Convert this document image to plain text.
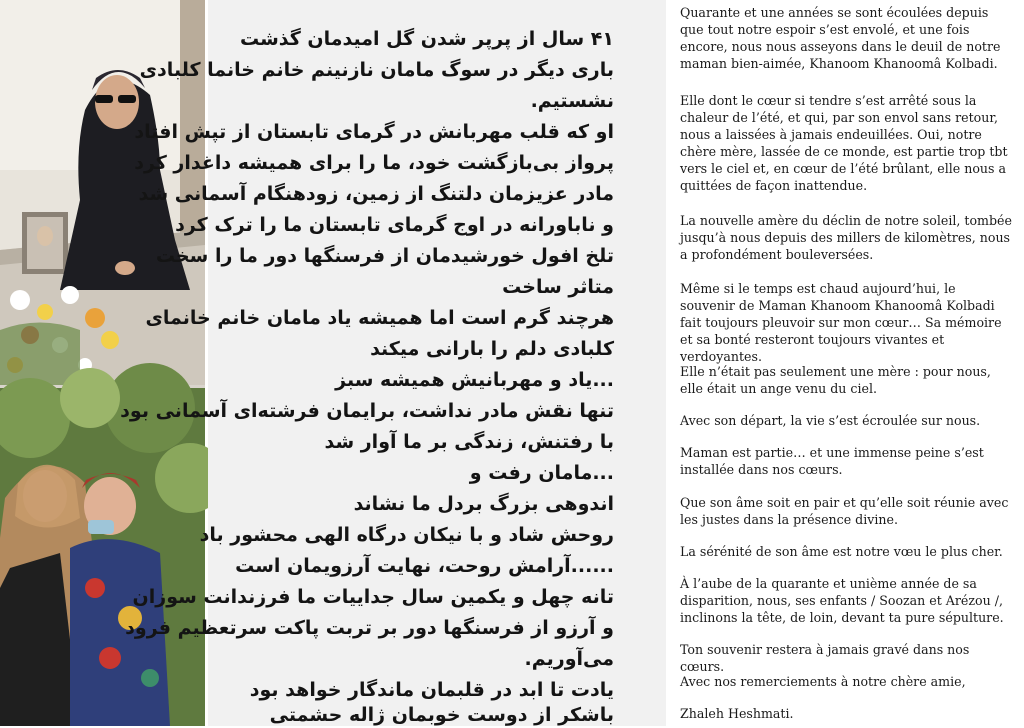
۴۱ سال از پرپر شدن گل امیدمان گذشت
باری دیگر در سوگ مامان نازنینم خانم خانما کلبادی
نشستیم.
او که قلب مهربانش در گرمای تابستان از تپش افتاد
پرواز بی‌بازگشت خود، ما را برای همیشه داغدار کرد
مادر عزیزمان دلتنگ از زمین، زودهنگام آسمانی شد
و ناباورانه در اوج گرمای تابستان ما را ترک کرد
تلخ افول خورشیدمان از فرسنگها دور ما را سخت
متاثر ساخت
هرچند گرم است اما همیشه یاد مامان خانم خانمای
کلبادی دلم را بارانی میکند
...یاد و مهربانیش همیشه سبز
تنها نقش مادر نداشت، برایمان فرشته‌ای آسمانی بود
با رفتنش، زندگی بر ما آوار شد
...مامان رفت و
اندوهی بزرگ بردل ما نشاند
روحش شاد و با نیکان درگاه الهی محشور باد
......آرامش روحت، نهایت آرزویمان است
تانه چهل و یکمین سال جداییات ما فرزندانت سوزان
و آرزو از فرسنگها دور بر تربت پاکت سرتعظیم فرود
می‌آوریم.
یادت تا ابد در قلبمان ماندگار خواهد بود
باشکر از دوست خوبمان ژاله حشمتی

Quarante et une années se sont écoulées depuis que tout notre espoir s’est envolé, et une fois encore, nous nous asseyons dans le deuil de notre maman bien-aimée, Khanoom Khanoomâ Kolbadi.

Elle dont le cœur si tendre s’est arrêté sous la chaleur de l’été, et qui, par son envol sans retour, nous a laissées à jamais endeuillées. Oui, notre chère mère, lassée de ce monde, est partie trop tbt vers le ciel et, en cœur de l’été brûlant, elle nous a quittées de façon inattendue.

La nouvelle amère du déclin de notre soleil, tombée jusqu’à nous depuis des millers de kilomètres, nous a profondément bouleversées.

Même si le temps est chaud aujourd’hui, le souvenir de Maman Khanoom Khanoomâ Kolbadi fait toujours pleuvoir sur mon cœur… Sa mémoire et sa bonté resteront toujours vivantes et verdoyantes.

Elle n’était pas seulement une mère : pour nous, elle était un ange venu du ciel.

Avec son départ, la vie s’est écroulée sur nous.

Maman est partie… et une immense peine s’est installée dans nos cœurs.

Que son âme soit en pair et qu’elle soit réunie avec les justes dans la présence divine.

La sérénité de son âme est notre vœu le plus cher.

À l’aube de la quarante et unième année de sa disparition, nous, ses enfants / Soozan et Arézou /, inclinons la tête, de loin, devant ta pure sépulture.

Ton souvenir restera à jamais gravé dans nos cœurs.

Avec nos remerciements à notre chère amie,

Zhaleh Heshmati.
